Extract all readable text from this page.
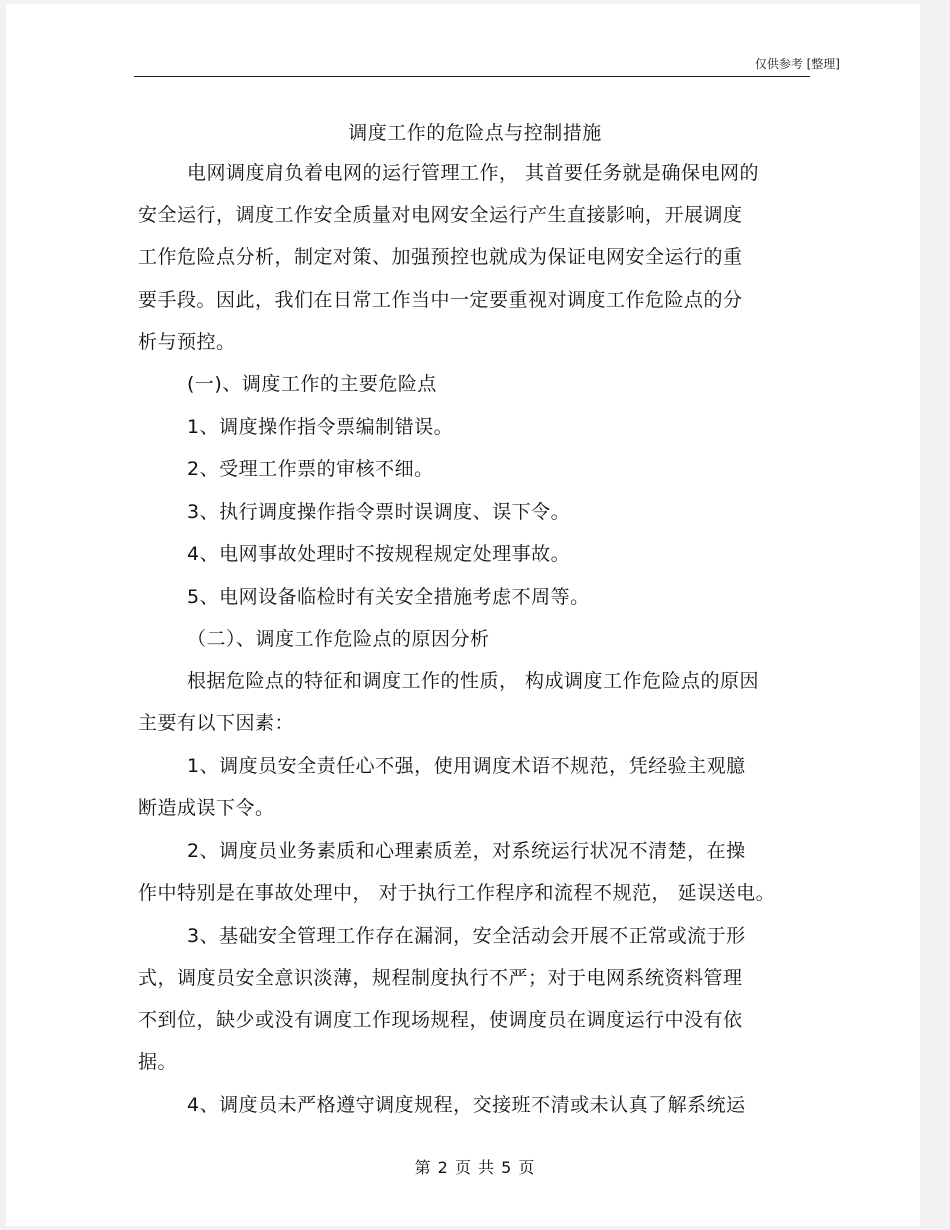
仅供参考 [整理]
调度工作的危险点与控制措施
电网调度肩负着电网的运行管理工作， 其首要任务就是确保电网的
安全运行，调度工作安全质量对电网安全运行产生直接影响，开展调度
工作危险点分析，制定对策、加强预控也就成为保证电网安全运行的重
要手段。因此，我们在日常工作当中一定要重视对调度工作危险点的分
析与预控。
(一)、调度工作的主要危险点
1、调度操作指令票编制错误。
2、受理工作票的审核不细。
3、执行调度操作指令票时误调度、误下令。
4、电网事故处理时不按规程规定处理事故。
5、电网设备临检时有关安全措施考虑不周等。
（二）、调度工作危险点的原因分析
根据危险点的特征和调度工作的性质， 构成调度工作危险点的原因
主要有以下因素：
1、调度员安全责任心不强，使用调度术语不规范，凭经验主观臆
断造成误下令。
2、调度员业务素质和心理素质差，对系统运行状况不清楚，在操
作中特别是在事故处理中， 对于执行工作程序和流程不规范， 延误送电。
3、基础安全管理工作存在漏洞，安全活动会开展不正常或流于形
式，调度员安全意识淡薄，规程制度执行不严；对于电网系统资料管理
不到位，缺少或没有调度工作现场规程，使调度员在调度运行中没有依
据。
4、调度员未严格遵守调度规程，交接班不清或未认真了解系统运
第 2 页 共 5 页
